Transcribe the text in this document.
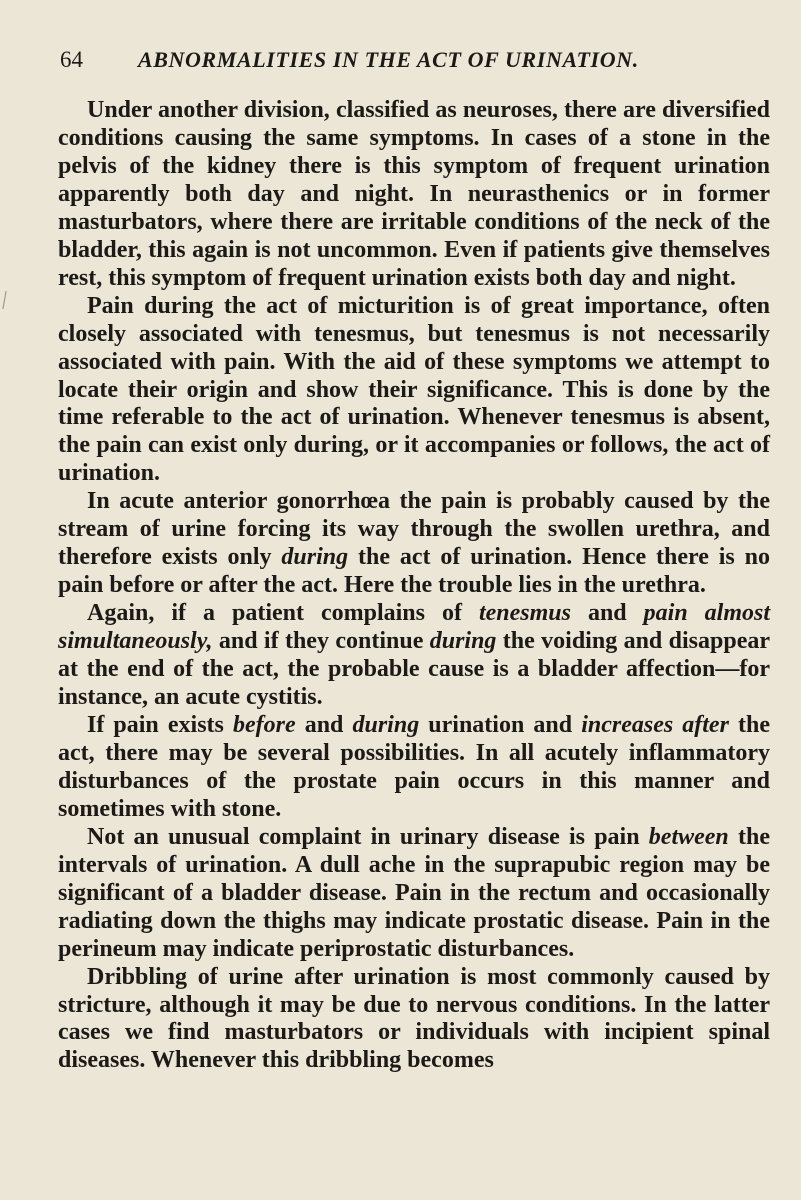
64	ABNORMALITIES IN THE ACT OF URINATION.

Under another division, classified as neuroses, there are diversified conditions causing the same symptoms. In cases of a stone in the pelvis of the kidney there is this symptom of frequent urination apparently both day and night. In neurasthenics or in former masturbators, where there are irritable conditions of the neck of the bladder, this again is not uncommon. Even if patients give themselves rest, this symptom of frequent urination exists both day and night.

Pain during the act of micturition is of great importance, often closely associated with tenesmus, but tenesmus is not necessarily associated with pain. With the aid of these symptoms we attempt to locate their origin and show their significance. This is done by the time referable to the act of urination. Whenever tenesmus is absent, the pain can exist only during, or it accompanies or follows, the act of urination.

In acute anterior gonorrhœa the pain is probably caused by the stream of urine forcing its way through the swollen urethra, and therefore exists only during the act of urination. Hence there is no pain before or after the act. Here the trouble lies in the urethra.

Again, if a patient complains of tenesmus and pain almost simultaneously, and if they continue during the voiding and disappear at the end of the act, the probable cause is a bladder affection—for instance, an acute cystitis.

If pain exists before and during urination and increases after the act, there may be several possibilities. In all acutely inflammatory disturbances of the prostate pain occurs in this manner and sometimes with stone.

Not an unusual complaint in urinary disease is pain between the intervals of urination. A dull ache in the suprapubic region may be significant of a bladder disease. Pain in the rectum and occasionally radiating down the thighs may indicate prostatic disease. Pain in the perineum may indicate periprostatic disturbances.

Dribbling of urine after urination is most commonly caused by stricture, although it may be due to nervous conditions. In the latter cases we find masturbators or individuals with incipient spinal diseases. Whenever this dribbling becomes
